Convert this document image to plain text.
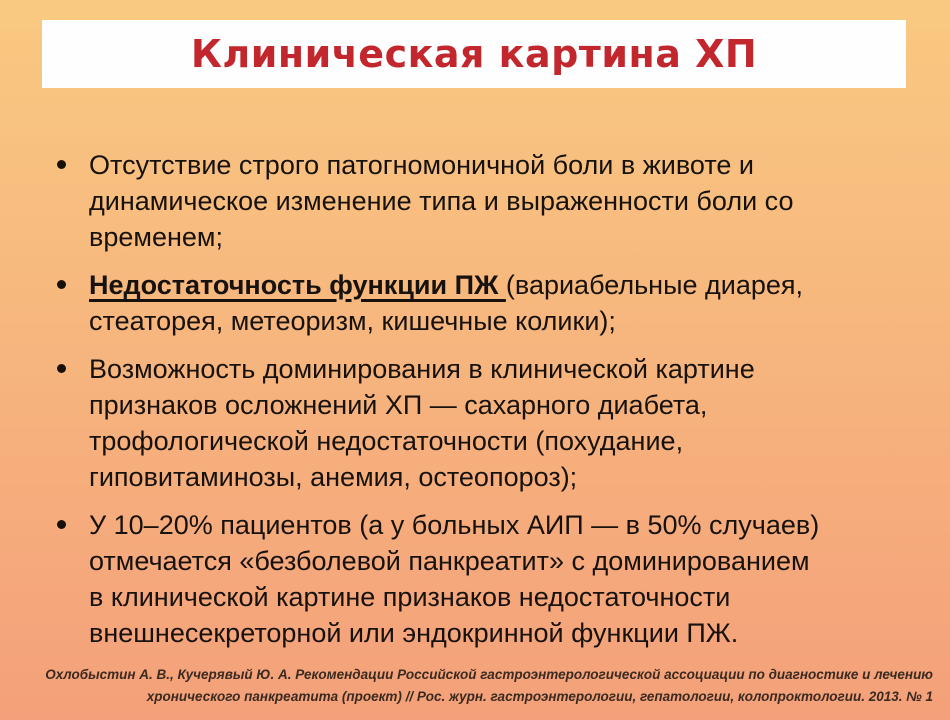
Клиническая картина ХП
Отсутствие строго патогномоничной боли в животе и
динамическое изменение типа и выраженности боли со
временем;
Недостаточность функции ПЖ (вариабельные диарея,
стеаторея, метеоризм, кишечные колики);
Возможность доминирования в клинической картине
признаков осложнений ХП — сахарного диабета,
трофологической недостаточности (похудание,
гиповитаминозы, анемия, остеопороз);
У 10–20% пациентов (а у больных АИП — в 50% случаев)
отмечается «безболевой панкреатит» с доминированием
в клинической картине признаков недостаточности
внешнесекреторной или эндокринной функции ПЖ.
Охлобыстин А. В., Кучерявый Ю. А. Рекомендации Российской гастроэнтерологической ассоциации по диагностике и лечению
хронического панкреатита (проект) // Рос. журн. гастроэнтерологии, гепатологии, колопроктологии. 2013. № 1
